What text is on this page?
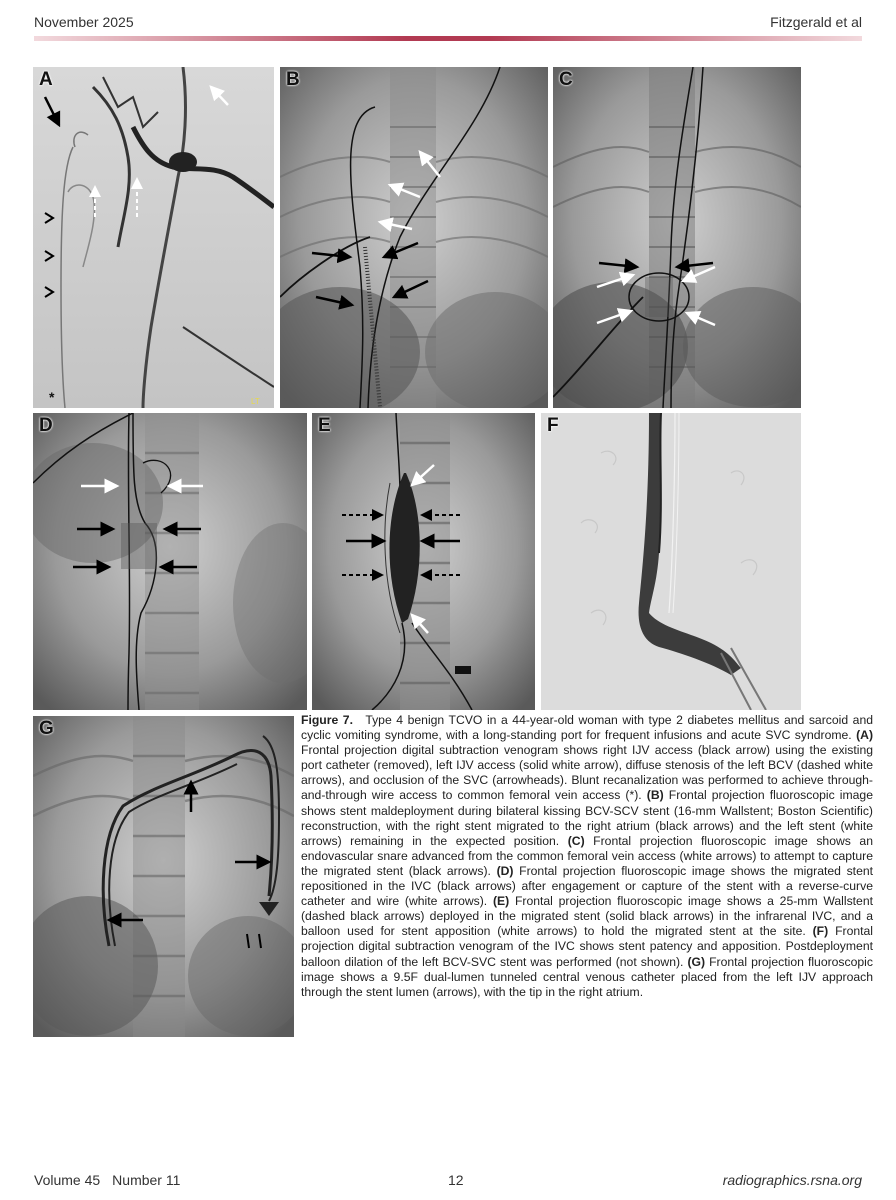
November 2025	Fitzgerald et al
A
LT
*
B	C
D	E	F
G	Figure 7. Type 4 benign TCVO in a 44-year-old woman with type 2 diabetes mellitus and sarcoid and cyclic vomiting syndrome, with a long-standing port for frequent infusions and acute SVC syndrome. (A) Frontal projection digital subtraction venogram shows right IJV access (black arrow) using the existing port catheter (removed), left IJV access (solid white arrow), diffuse stenosis of the left BCV (dashed white arrows), and occlusion of the SVC (arrowheads). Blunt recanalization was performed to achieve through-and-through wire access to common femoral vein access (*). (B) Frontal projection fluoroscopic image shows stent maldeployment during bilateral kissing BCV-SCV stent (16-mm Wallstent; Boston Scientific) reconstruction, with the right stent migrated to the right atrium (black arrows) and the left stent (white arrows) remaining in the expected position. (C) Frontal projection fluoroscopic image shows an endovascular snare advanced from the common femoral vein access (white arrows) to attempt to capture the migrated stent (black arrows). (D) Frontal projection fluoroscopic image shows the migrated stent repositioned in the IVC (black arrows) after engagement or capture of the stent with a reverse-curve catheter and wire (white arrows). (E) Frontal projection fluoroscopic image shows a 25-mm Wallstent (dashed black arrows) deployed in the migrated stent (solid black arrows) in the infrarenal IVC, and a balloon used for stent apposition (white arrows) to hold the migrated stent at the site. (F) Frontal projection digital subtraction venogram of the IVC shows stent patency and apposition. Postdeployment balloon dilation of the left BCV-SVC stent was performed (not shown). (G) Frontal projection fluoroscopic image shows a 9.5F dual-lumen tunneled central venous catheter placed from the left IJV approach through the stent lumen (arrows), with the tip in the right atrium.
Volume 45 Number 11	12	radiographics.rsna.org
